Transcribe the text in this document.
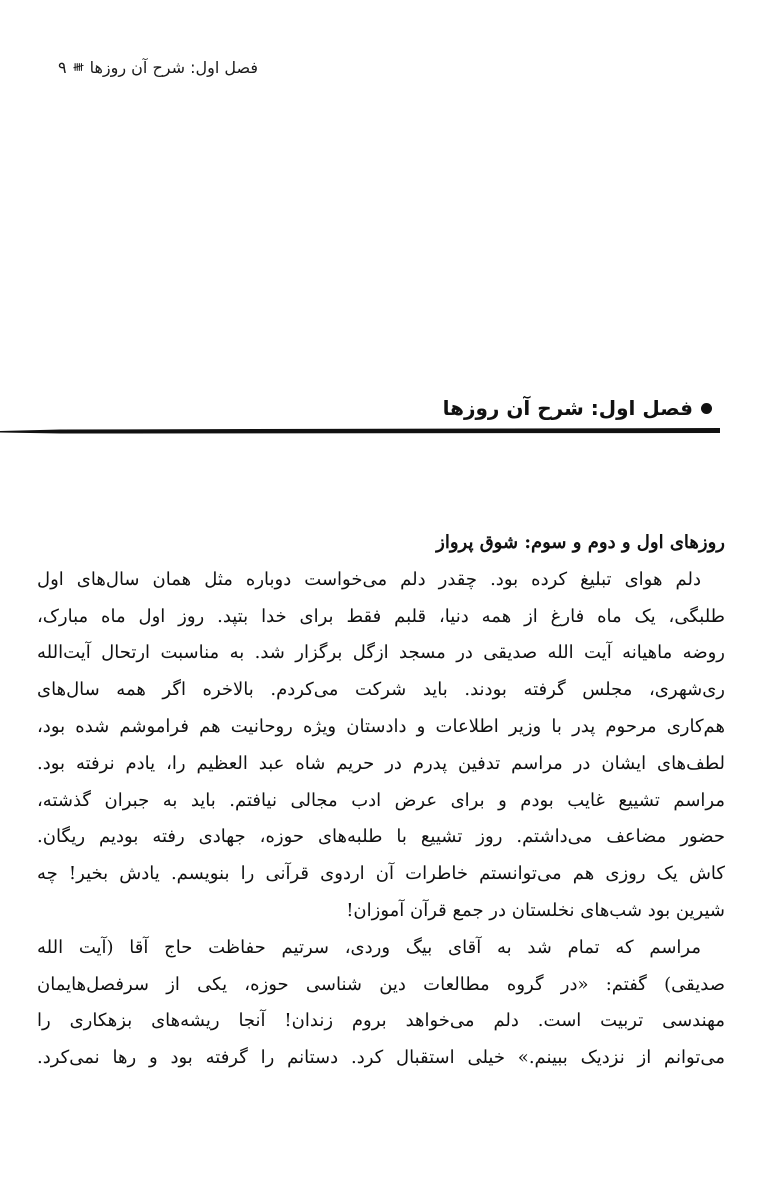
فصل اول: شرح آن روزها
۹
فصل اول: شرح آن روزها
روزهای اول و دوم و سوم: شوق پرواز
دلم هوای تبلیغ کرده بود. چقدر دلم می‌خواست دوباره مثل همان سال‌های اول
طلبگی، یک ماه فارغ از همه دنیا، قلبم فقط برای خدا بتپد. روز اول ماه مبارک،
روضه ماهیانه آیت الله صدیقی در مسجد ازگل برگزار شد. به مناسبت ارتحال آیت‌الله
ری‌شهری، مجلس گرفته بودند. باید شرکت می‌کردم. بالاخره اگر همه سال‌های
هم‌کاری مرحوم پدر با وزیر اطلاعات و دادستان ویژه روحانیت هم فراموشم شده بود،
لطف‌های ایشان در مراسم تدفین پدرم در حریم شاه عبد العظیم را، یادم نرفته بود.
مراسم تشییع غایب بودم و برای عرض ادب مجالی نیافتم. باید به جبران گذشته،
حضور مضاعف می‌داشتم. روز تشییع با طلبه‌های حوزه، جهادی رفته بودیم ریگان.
کاش یک روزی هم می‌توانستم خاطرات آن اردوی قرآنی را بنویسم. یادش بخیر! چه
شیرین بود شب‌های نخلستان در جمع قرآن آموزان!
مراسم که تمام شد به آقای بیگ وردی، سرتیم حفاظت حاج آقا (آیت الله
صدیقی) گفتم: «در گروه مطالعات دین شناسی حوزه، یکی از سرفصل‌هایمان
مهندسی تربیت است. دلم می‌خواهد بروم زندان! آنجا ریشه‌های بزهکاری را
می‌توانم از نزدیک ببینم.» خیلی استقبال کرد. دستانم را گرفته بود و رها نمی‌کرد.
